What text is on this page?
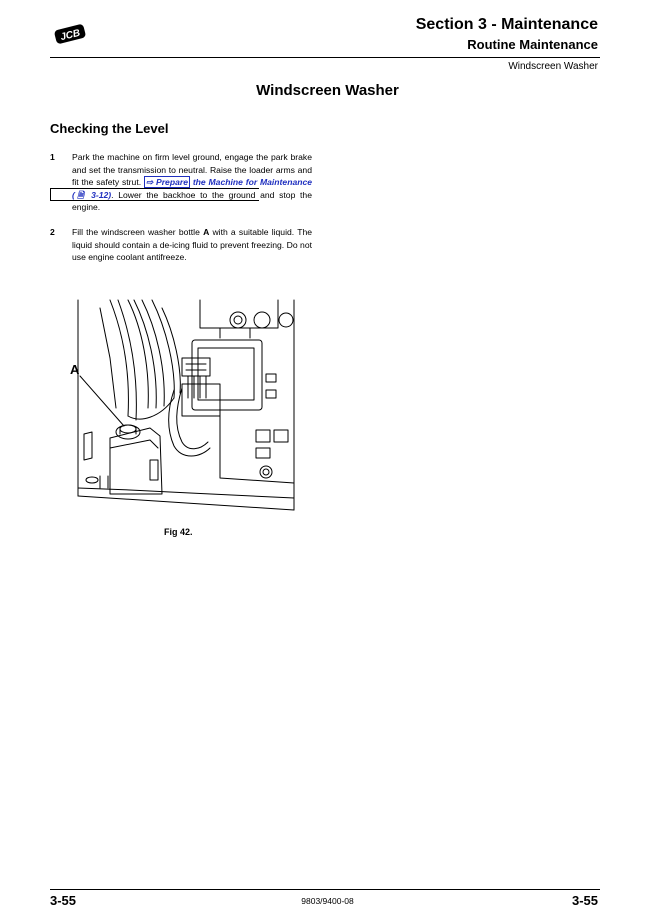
JCB
Section 3 - Maintenance
Routine Maintenance
Windscreen Washer
Windscreen Washer
Checking the Level
1 Park the machine on firm level ground, engage the park brake and set the transmission to neutral. Raise the loader arms and fit the safety strut. ⇨ Prepare the Machine for Maintenance (🗎 3-12). Lower the backhoe to the ground and stop the engine.
2 Fill the windscreen washer bottle A with a suitable liquid. The liquid should contain a de-icing fluid to prevent freezing. Do not use engine coolant antifreeze.
A
Fig 42.
3-55	9803/9400-08	3-55
